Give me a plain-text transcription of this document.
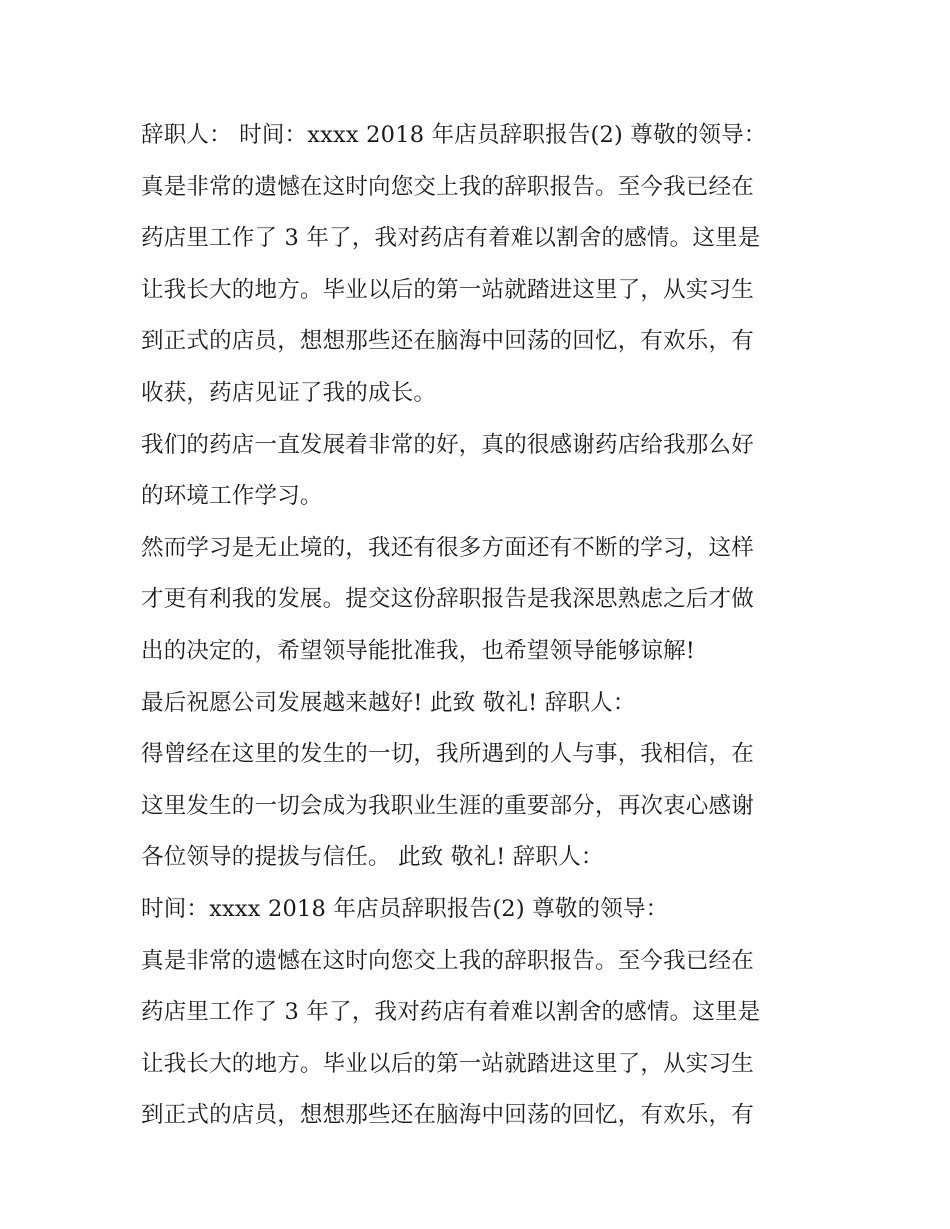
辞职人： 时间：xxxx 2018 年店员辞职报告(2) 尊敬的领导：
真是非常的遗憾在这时向您交上我的辞职报告。至今我已经在
药店里工作了 3 年了，我对药店有着难以割舍的感情。这里是
让我长大的地方。毕业以后的第一站就踏进这里了，从实习生
到正式的店员，想想那些还在脑海中回荡的回忆，有欢乐，有
收获，药店见证了我的成长。
我们的药店一直发展着非常的好，真的很感谢药店给我那么好
的环境工作学习。
然而学习是无止境的，我还有很多方面还有不断的学习，这样
才更有利我的发展。提交这份辞职报告是我深思熟虑之后才做
出的决定的，希望领导能批准我，也希望领导能够谅解!
最后祝愿公司发展越来越好! 此致 敬礼! 辞职人：
得曾经在这里的发生的一切，我所遇到的人与事，我相信，在
这里发生的一切会成为我职业生涯的重要部分，再次衷心感谢
各位领导的提拔与信任。 此致 敬礼! 辞职人：
时间：xxxx 2018 年店员辞职报告(2) 尊敬的领导：
真是非常的遗憾在这时向您交上我的辞职报告。至今我已经在
药店里工作了 3 年了，我对药店有着难以割舍的感情。这里是
让我长大的地方。毕业以后的第一站就踏进这里了，从实习生
到正式的店员，想想那些还在脑海中回荡的回忆，有欢乐，有
